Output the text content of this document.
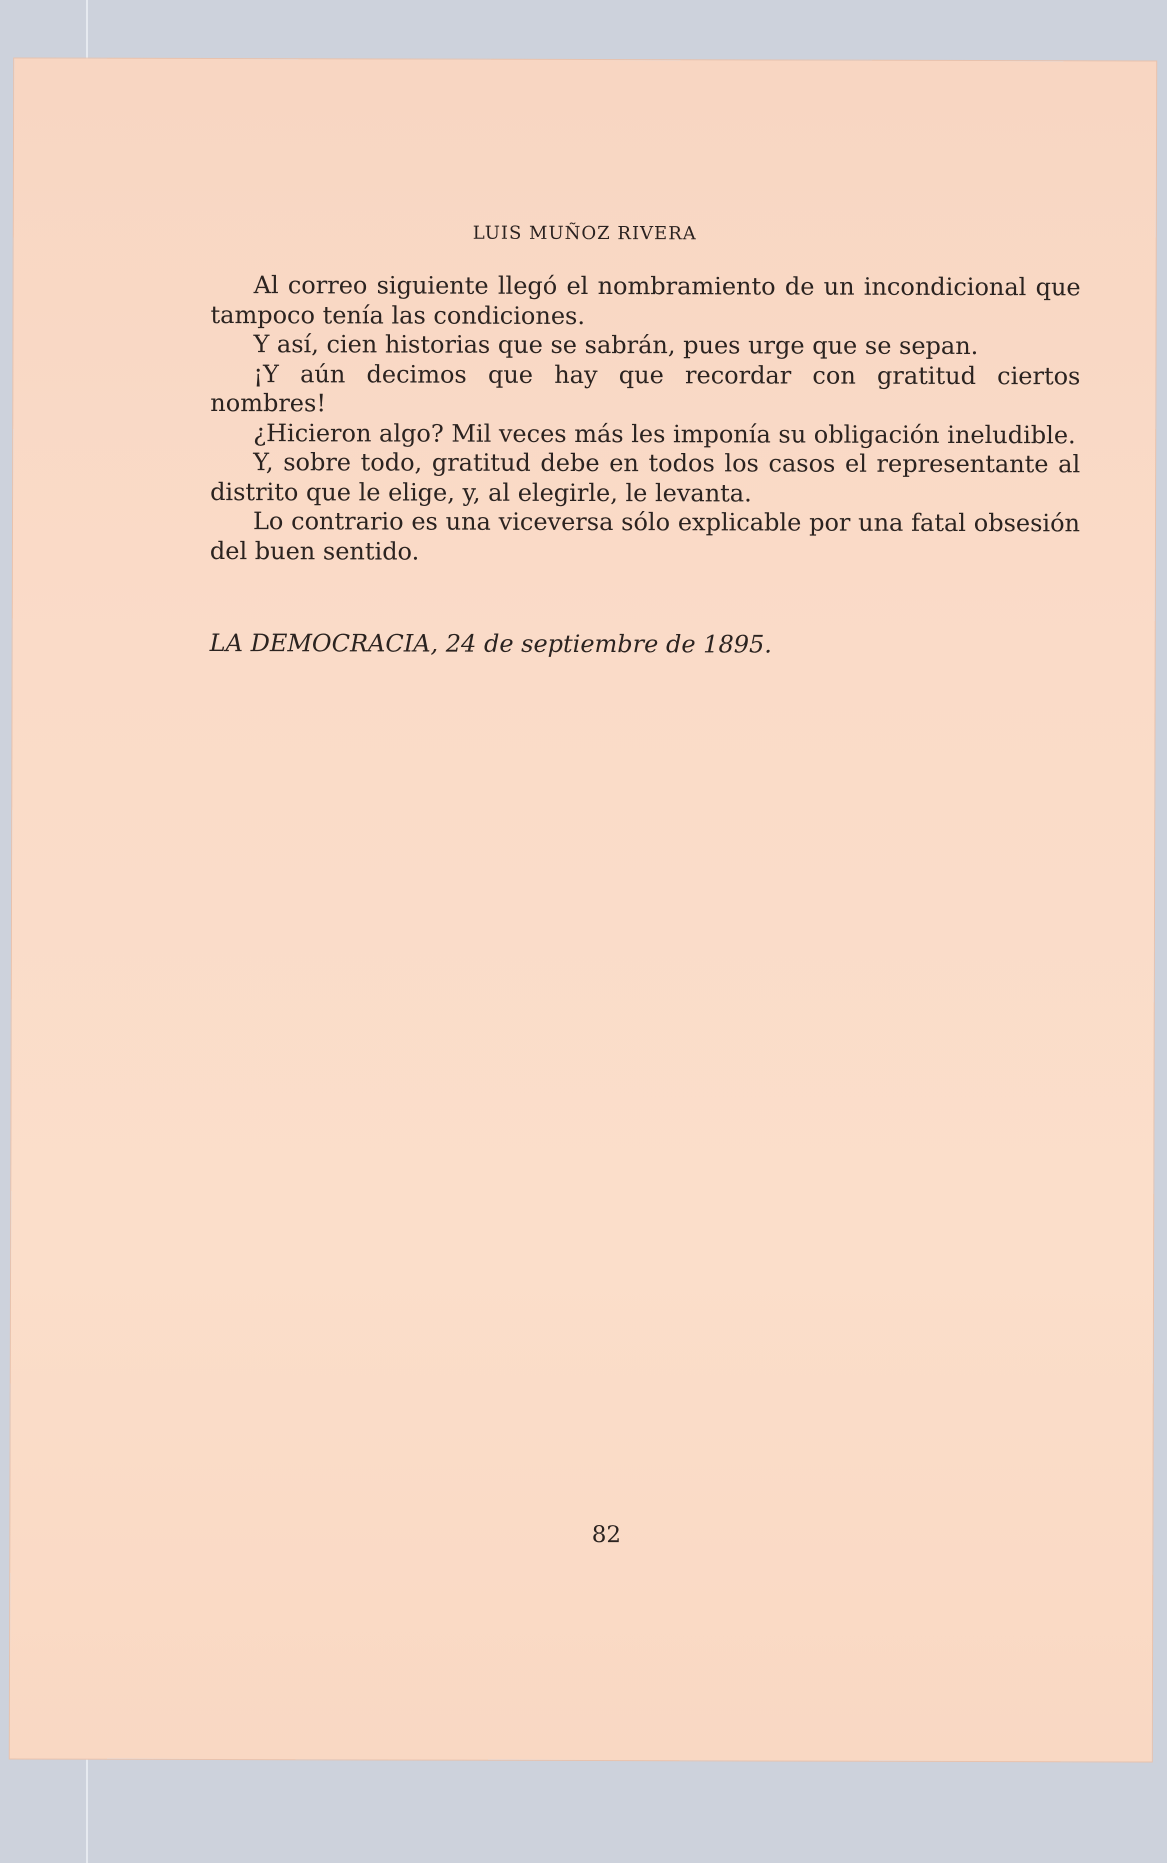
LUIS MUÑOZ RIVERA

Al correo siguiente llegó el nombramiento de un incondicional que tampoco tenía las condiciones.

Y así, cien historias que se sabrán, pues urge que se sepan.

¡Y aún decimos que hay que recordar con gratitud ciertos nombres!

¿Hicieron algo? Mil veces más les imponía su obligación ineludible.

Y, sobre todo, gratitud debe en todos los casos el representante al distrito que le elige, y, al elegirle, le levanta.

Lo contrario es una viceversa sólo explicable por una fatal obsesión del buen sentido.

LA DEMOCRACIA, 24 de septiembre de 1895.
82
